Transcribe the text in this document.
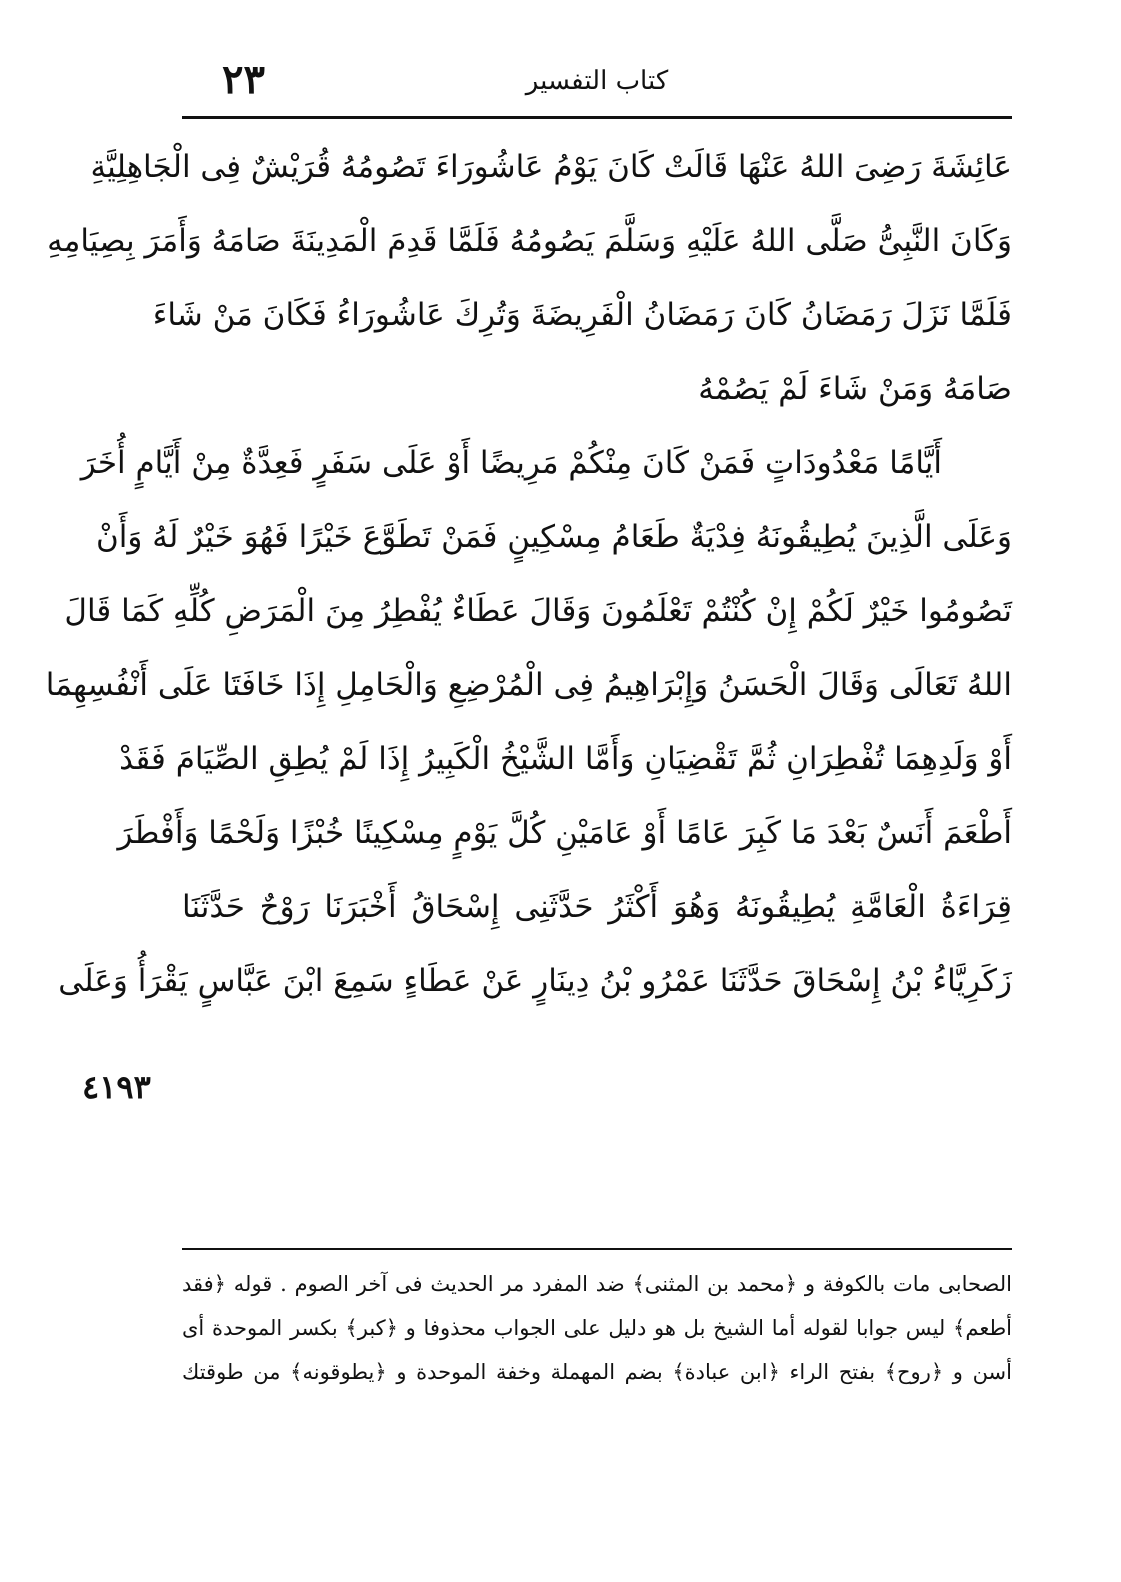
٢٣	كتاب التفسير
عَائِشَةَ رَضِىَ اللهُ عَنْهَا قَالَتْ كَانَ يَوْمُ عَاشُورَاءَ تَصُومُهُ قُرَيْشٌ فِى الْجَاهِلِيَّةِ
وَكَانَ النَّبِىُّ صَلَّى اللهُ عَلَيْهِ وَسَلَّمَ يَصُومُهُ فَلَمَّا قَدِمَ الْمَدِينَةَ صَامَهُ وَأَمَرَ بِصِيَامِهِ
فَلَمَّا نَزَلَ رَمَضَانُ كَانَ رَمَضَانُ الْفَرِيضَةَ وَتُرِكَ عَاشُورَاءُ فَكَانَ مَنْ شَاءَ
صَامَهُ وَمَنْ شَاءَ لَمْ يَصُمْهُ
أَيَّامًا مَعْدُودَاتٍ فَمَنْ كَانَ مِنْكُمْ مَرِيضًا أَوْ عَلَى سَفَرٍ فَعِدَّةٌ مِنْ أَيَّامٍ أُخَرَ
وَعَلَى الَّذِينَ يُطِيقُونَهُ فِدْيَةٌ طَعَامُ مِسْكِينٍ فَمَنْ تَطَوَّعَ خَيْرًا فَهُوَ خَيْرٌ لَهُ وَأَنْ
تَصُومُوا خَيْرٌ لَكُمْ إِنْ كُنْتُمْ تَعْلَمُونَ وَقَالَ عَطَاءٌ يُفْطِرُ مِنَ الْمَرَضِ كُلِّهِ كَمَا قَالَ
اللهُ تَعَالَى وَقَالَ الْحَسَنُ وَإِبْرَاهِيمُ فِى الْمُرْضِعِ وَالْحَامِلِ إِذَا خَافَتَا عَلَى أَنْفُسِهِمَا
أَوْ وَلَدِهِمَا تُفْطِرَانِ ثُمَّ تَقْضِيَانِ وَأَمَّا الشَّيْخُ الْكَبِيرُ إِذَا لَمْ يُطِقِ الصِّيَامَ فَقَدْ
أَطْعَمَ أَنَسٌ بَعْدَ مَا كَبِرَ عَامًا أَوْ عَامَيْنِ كُلَّ يَوْمٍ مِسْكِينًا خُبْزًا وَلَحْمًا وَأَفْطَرَ
قِرَاءَةُ الْعَامَّةِ يُطِيقُونَهُ وَهُوَ أَكْثَرُ حَدَّثَنِى إِسْحَاقُ أَخْبَرَنَا رَوْحٌ حَدَّثَنَا
زَكَرِيَّاءُ بْنُ إِسْحَاقَ حَدَّثَنَا عَمْرُو بْنُ دِينَارٍ عَنْ عَطَاءٍ سَمِعَ ابْنَ عَبَّاسٍ يَقْرَأُ وَعَلَى
٤١٩٣
الصحابى مات بالكوفة و ﴿محمد بن المثنى﴾ ضد المفرد مر الحديث فى آخر الصوم . قوله ﴿فقد
أطعم﴾ ليس جوابا لقوله أما الشيخ بل هو دليل على الجواب محذوفا و ﴿كبر﴾ بكسر الموحدة أى
أسن و ﴿روح﴾ بفتح الراء ﴿ابن عبادة﴾ بضم المهملة وخفة الموحدة و ﴿يطوقونه﴾ من طوقتك
